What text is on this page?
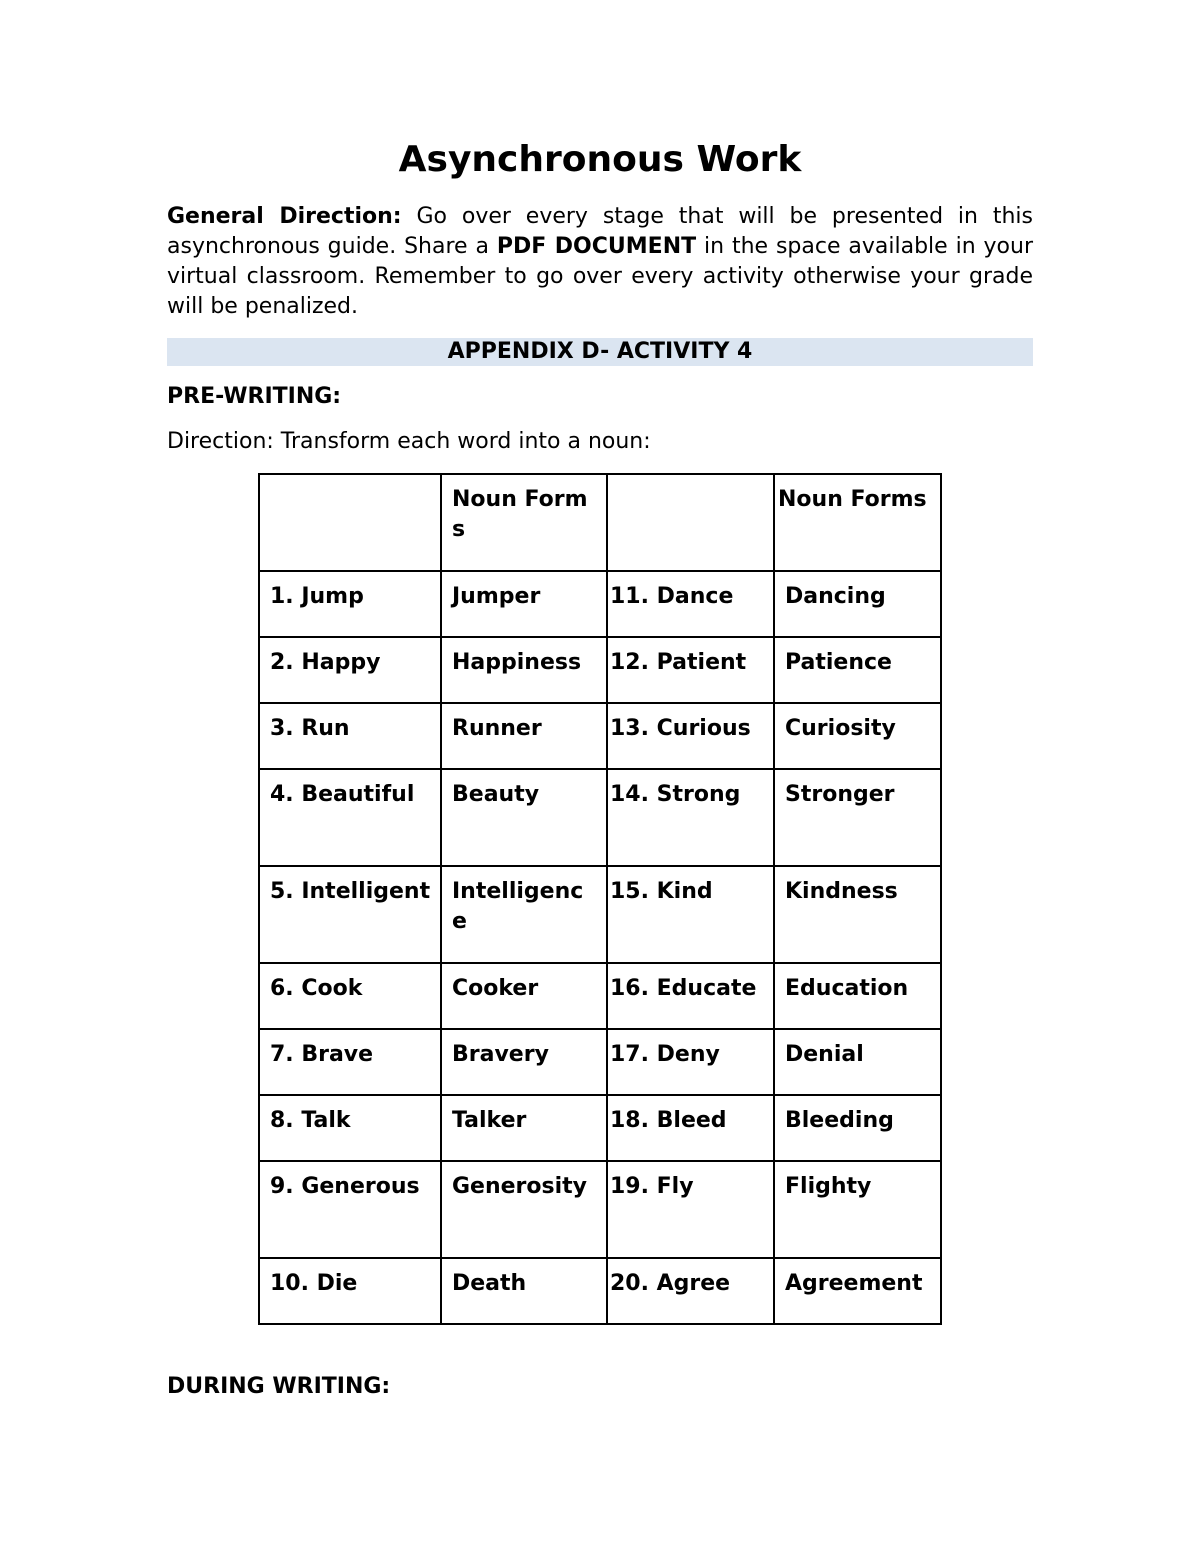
Asynchronous Work
General Direction: Go over every stage that will be presented in this asynchronous guide. Share a PDF DOCUMENT in the space available in your virtual classroom. Remember to go over every activity otherwise your grade will be penalized.
APPENDIX D- ACTIVITY 4
PRE-WRITING:
Direction: Transform each word into a noun:
	Noun Forms		Noun Forms
1. Jump	Jumper	11. Dance	Dancing
2. Happy	Happiness	12. Patient	Patience
3. Run	Runner	13. Curious	Curiosity
4. Beautiful	Beauty	14. Strong	Stronger
5. Intelligent	Intelligence	15. Kind	Kindness
6. Cook	Cooker	16. Educate	Education
7. Brave	Bravery	17. Deny	Denial
8. Talk	Talker	18. Bleed	Bleeding
9. Generous	Generosity	19. Fly	Flighty
10. Die	Death	20. Agree	Agreement
DURING WRITING:
